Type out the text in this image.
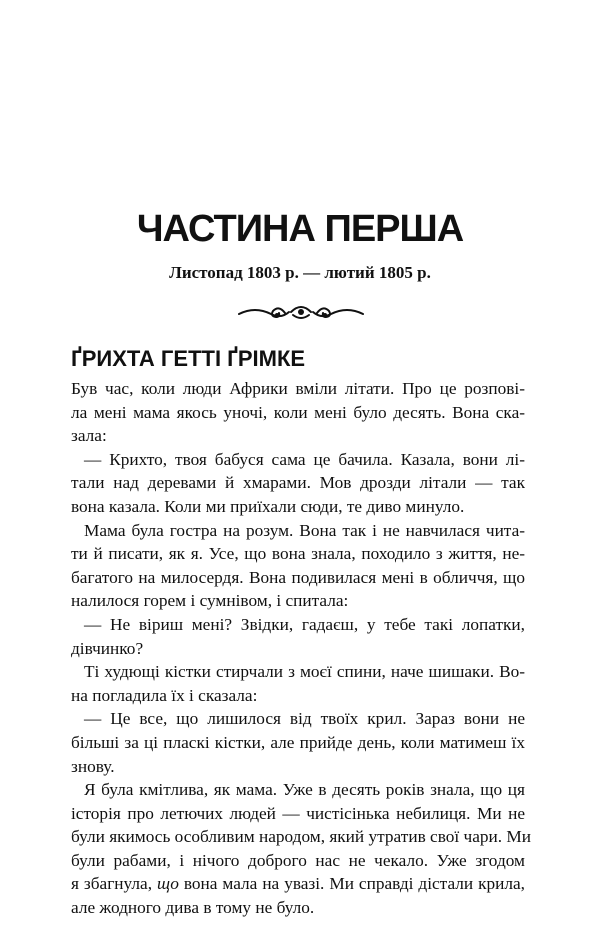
ЧАСТИНА ПЕРША
Листопад 1803 р. — лютий 1805 р.
ҐРИХТА ГЕТТІ ҐРІМКЕ
Був час, коли люди Африки вміли літати. Про це розпові-
ла мені мама якось уночі, коли мені було десять. Вона ска-
зала:
— Крихто, твоя бабуся сама це бачила. Казала, вони лі-
тали над деревами й хмарами. Мов дрозди літали — так
вона казала. Коли ми приїхали сюди, те диво минуло.
Мама була гостра на розум. Вона так і не навчилася чита-
ти й писати, як я. Усе, що вона знала, походило з життя, не-
багатого на милосердя. Вона подивилася мені в обличчя, що
налилося горем і сумнівом, і спитала:
— Не віриш мені? Звідки, гадаєш, у тебе такі лопатки,
дівчинко?
Ті худющі кістки стирчали з моєї спини, наче шишаки. Во-
на погладила їх і сказала:
— Це все, що лишилося від твоїх крил. Зараз вони не
більші за ці пласкі кістки, але прийде день, коли матимеш їх
знову.
Я була кмітлива, як мама. Уже в десять років знала, що ця
історія про летючих людей — чистісінька небилиця. Ми не
були якимось особливим народом, який утратив свої чари. Ми
були рабами, і нічого доброго нас не чекало. Уже згодом
я збагнула, що вона мала на увазі. Ми справді дістали крила,
але жодного дива в тому не було.
